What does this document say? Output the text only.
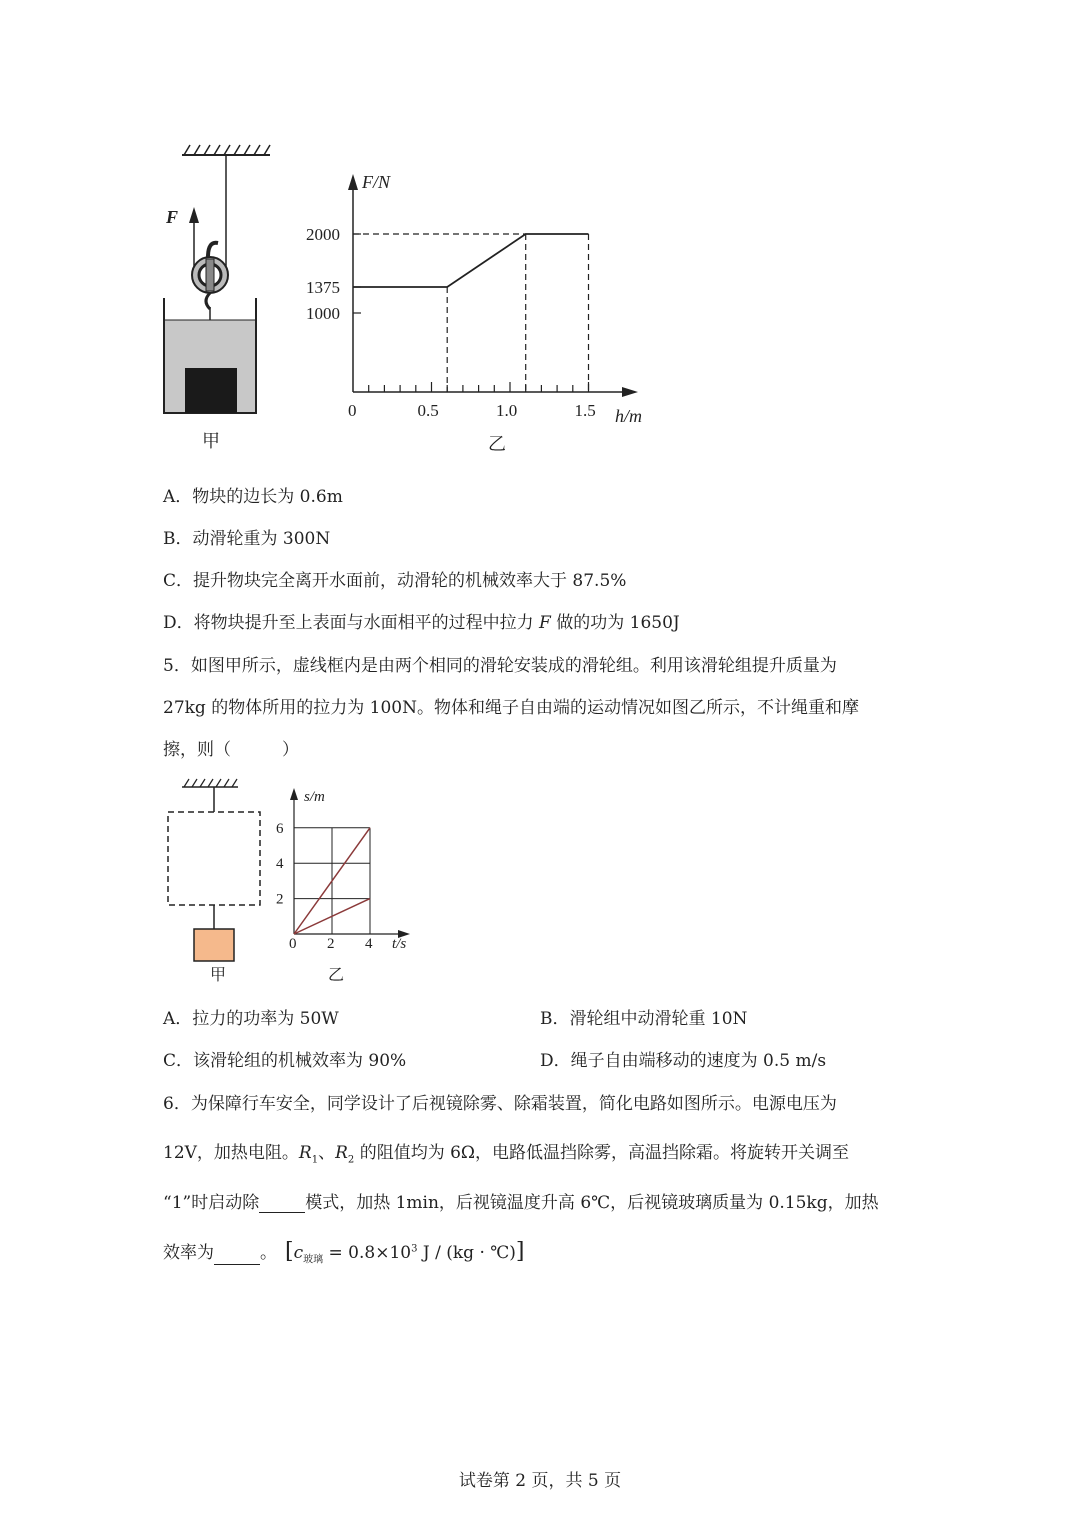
F
甲
F/N
h/m
0	0.5	1.0	1.5
1000
1375
2000
乙
A．物块的边长为 0.6m
B．动滑轮重为 300N
C．提升物块完全离开水面前，动滑轮的机械效率大于 87.5%
D．将物块提升至上表面与水面相平的过程中拉力 F 做的功为 1650J
5．如图甲所示，虚线框内是由两个相同的滑轮安装成的滑轮组。利用该滑轮组提升质量为
27kg 的物体所用的拉力为 100N。物体和绳子自由端的运动情况如图乙所示，不计绳重和摩
擦，则（　　　）
甲
s/m
t/s
0 2 4
2
4
6
乙
A．拉力的功率为 50W	B．滑轮组中动滑轮重 10N
C．该滑轮组的机械效率为 90%	D．绳子自由端移动的速度为 0.5 m/s
6．为保障行车安全，同学设计了后视镜除雾、除霜装置，简化电路如图所示。电源电压为
12V，加热电阻。$R_1$、$R_2$ 的阻值均为 6Ω，电路低温挡除雾，高温挡除霜。将旋转开关调至
“1”时启动除	模式，加热 1min，后视镜温度升高 6℃，后视镜玻璃质量为 0.15kg，加热
效率为	。 [$c_{玻璃} = 0.8\times 10^3$ J / (kg · ℃)]
试卷第 2 页，共 5 页
